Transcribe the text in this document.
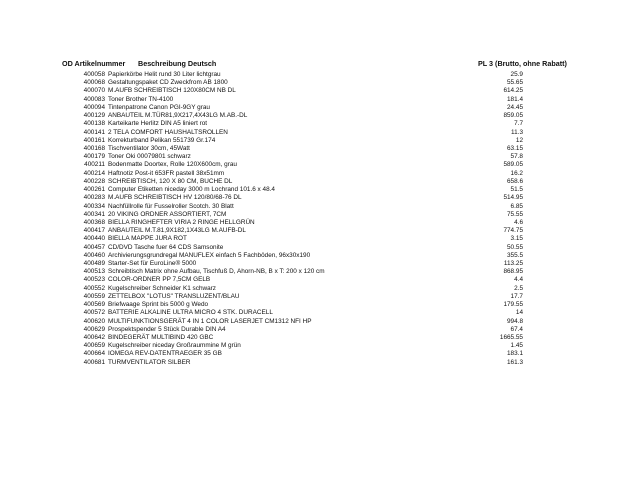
OD Artikelnummer Beschreibung Deutsch	PL 3 (Brutto, ohne Rabatt)
400058 Papierkörbe Helit rund 30 Liter lichtgrau	25.9
400068 Gestaltungspaket CD Zweckfrom AB 1800	55.65
400070 M.AUFB SCHREIBTISCH 120X80CM NB DL	614.25
400083 Toner Brother TN-4100	181.4
400094 Tintenpatrone Canon PGI-9GY grau	24.45
400129 ANBAUTEIL M.TÜR81,9X217,4X43LG M.AB.-DL	859.05
400138 Karteikarte Herlitz DIN A5 liniert rot	7.7
400141 2 TELA COMFORT HAUSHALTSROLLEN	11.3
400161 Korrekturband Pelikan 551739 Gr.174	12
400168 Tischventilator 30cm, 45Watt	63.15
400179 Toner Oki 00079801 schwarz	57.8
400211 Bodenmatte Doortex, Rolle 120X600cm, grau	589.05
400214 Haftnotiz Post-it 653FR pastell 38x51mm	16.2
400228 SCHREIBTISCH, 120 X 80 CM, BUCHE DL	658.6
400261 Computer Etiketten niceday 3000 m Lochrand 101.6 x 48.4	51.5
400283 M.AUFB SCHREIBTISCH HV 120/80/68-76 DL	514.95
400334 Nachfüllrolle für Fusselroller Scotch. 30 Blatt	6.85
400341 20 VIKING ORDNER ASSORTIERT, 7CM	75.55
400368 BIELLA RINGHEFTER VIRIA 2 RINGE HELLGRÜN	4.6
400417 ANBAUTEIL M.T.81,9X182,1X43LG M.AUFB-DL	774.75
400440 BIELLA MAPPE JURA ROT	3.15
400457 CD/DVD Tasche fuer 64 CDS Samsonite	50.55
400460 Archivierungsgrundregal MANUFLEX einfach 5 Fachböden, 96x30x190	355.5
400489 Starter-Set für EuroLine® 5000	113.25
400513 Schreibtisch Matrix ohne Aufbau, Tischfuß D, Ahorn-NB, B x T: 200 x 120 cm	868.95
400523 COLOR-ORDNER PP 7,5CM GELB	4.4
400552 Kugelschreiber Schneider K1 schwarz	2.5
400559 ZETTELBOX "LOTUS" TRANSLUZENT/BLAU	17.7
400569 Briefwaage Sprint bis 5000 g Wedo	179.55
400572 BATTERIE ALKALINE ULTRA MICRO 4 STK. DURACELL	14
400620 MULTIFUNKTIONSGERÄT 4 IN 1 COLOR LASERJET CM1312 NFI HP	994.8
400629 Prospektspender 5 Stück Durable DIN A4	67.4
400642 BINDEGERÄT MULTIBIND 420 GBC	1665.55
400659 Kugelschreiber niceday Großraummine M grün	1.45
400664 IOMEGA REV-DATENTRAEGER 35 GB	183.1
400681 TURMVENTILATOR SILBER	161.3
